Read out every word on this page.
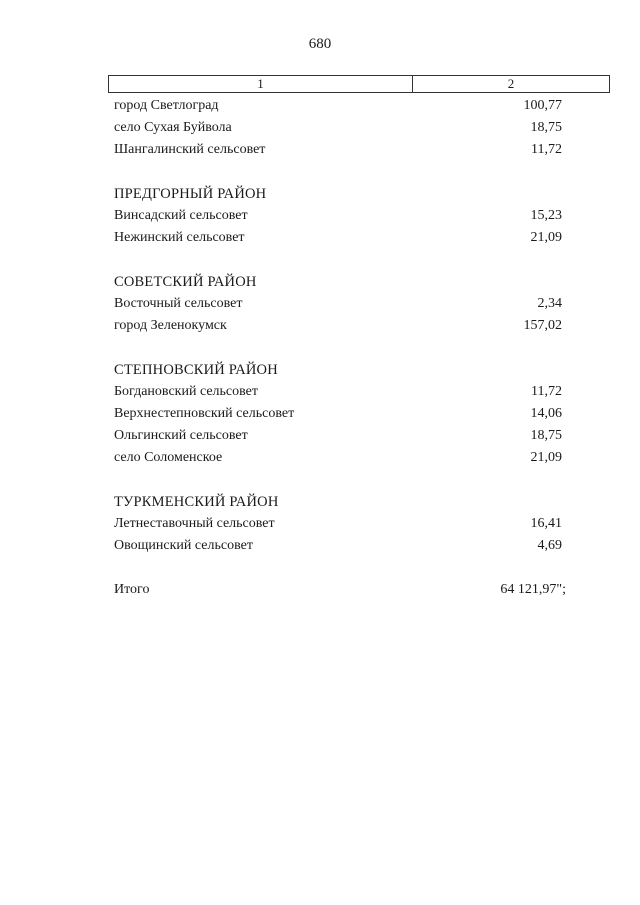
680
1	2
город Светлоград	100,77
село Сухая Буйвола	18,75
Шангалинский сельсовет	11,72
ПРЕДГОРНЫЙ РАЙОН
Винсадский сельсовет	15,23
Нежинский сельсовет	21,09
СОВЕТСКИЙ РАЙОН
Восточный сельсовет	2,34
город Зеленокумск	157,02
СТЕПНОВСКИЙ РАЙОН
Богдановский сельсовет	11,72
Верхнестепновский сельсовет	14,06
Ольгинский сельсовет	18,75
село Соломенское	21,09
ТУРКМЕНСКИЙ РАЙОН
Летнеставочный сельсовет	16,41
Овощинский сельсовет	4,69
Итого	64 121,97";
